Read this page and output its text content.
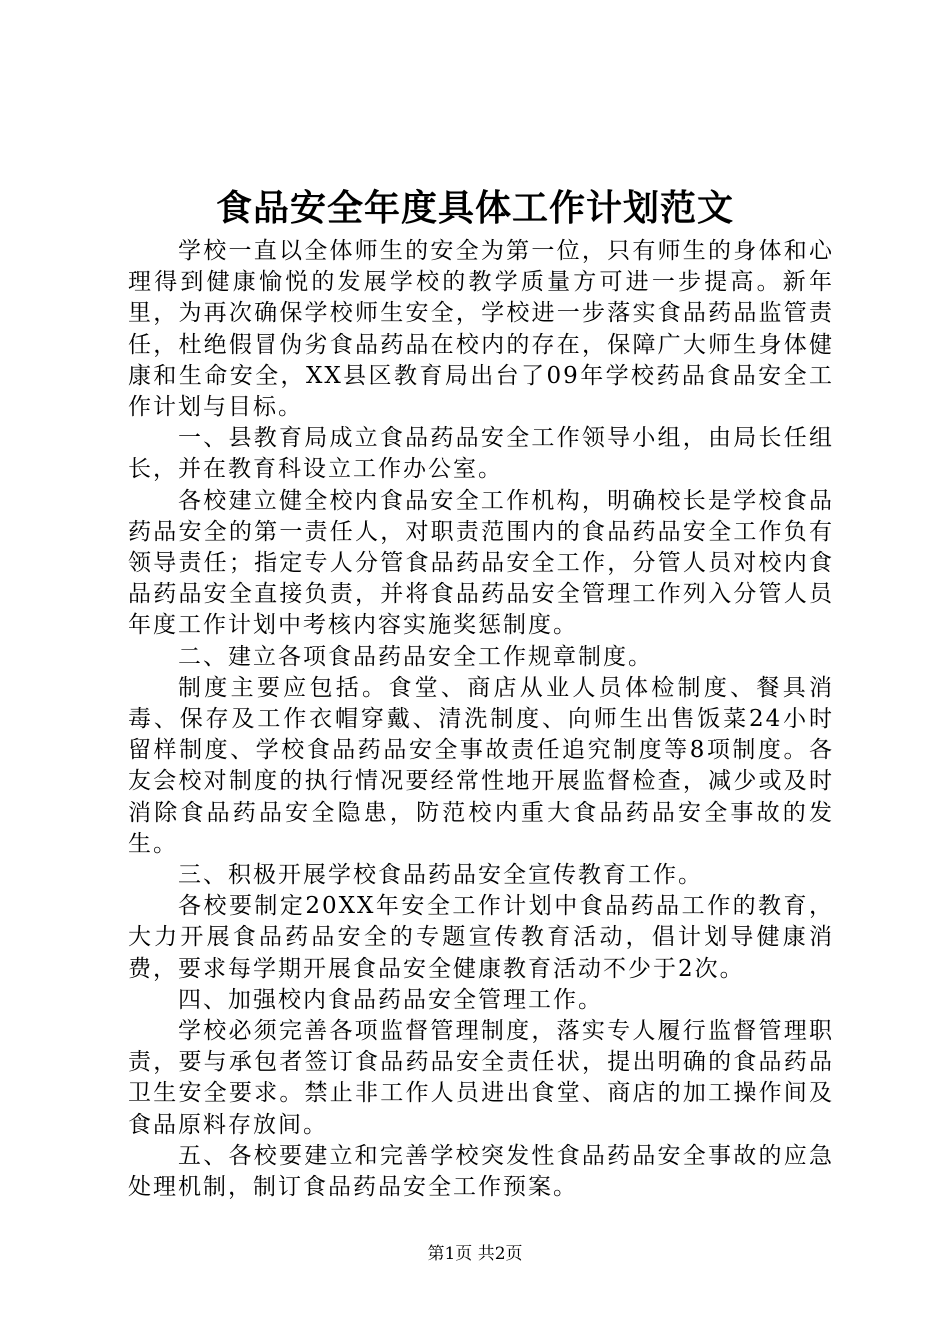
食品安全年度具体工作计划范文

学校一直以全体师生的安全为第一位，只有师生的身体和心理得到健康愉悦的发展学校的教学质量方可进一步提高。新年里，为再次确保学校师生安全，学校进一步落实食品药品监管责任，杜绝假冒伪劣食品药品在校内的存在，保障广大师生身体健康和生命安全，XX县区教育局出台了09年学校药品食品安全工作计划与目标。

一、县教育局成立食品药品安全工作领导小组，由局长任组长，并在教育科设立工作办公室。

各校建立健全校内食品安全工作机构，明确校长是学校食品药品安全的第一责任人，对职责范围内的食品药品安全工作负有领导责任；指定专人分管食品药品安全工作，分管人员对校内食品药品安全直接负责，并将食品药品安全管理工作列入分管人员年度工作计划中考核内容实施奖惩制度。

二、建立各项食品药品安全工作规章制度。

制度主要应包括。食堂、商店从业人员体检制度、餐具消毒、保存及工作衣帽穿戴、清洗制度、向师生出售饭菜24小时留样制度、学校食品药品安全事故责任追究制度等8项制度。各友会校对制度的执行情况要经常性地开展监督检查，减少或及时消除食品药品安全隐患，防范校内重大食品药品安全事故的发生。

三、积极开展学校食品药品安全宣传教育工作。

各校要制定20XX年安全工作计划中食品药品工作的教育，大力开展食品药品安全的专题宣传教育活动，倡计划导健康消费，要求每学期开展食品安全健康教育活动不少于2次。

四、加强校内食品药品安全管理工作。

学校必须完善各项监督管理制度，落实专人履行监督管理职责，要与承包者签订食品药品安全责任状，提出明确的食品药品卫生安全要求。禁止非工作人员进出食堂、商店的加工操作间及食品原料存放间。

五、各校要建立和完善学校突发性食品药品安全事故的应急处理机制，制订食品药品安全工作预案。

第1页 共2页
